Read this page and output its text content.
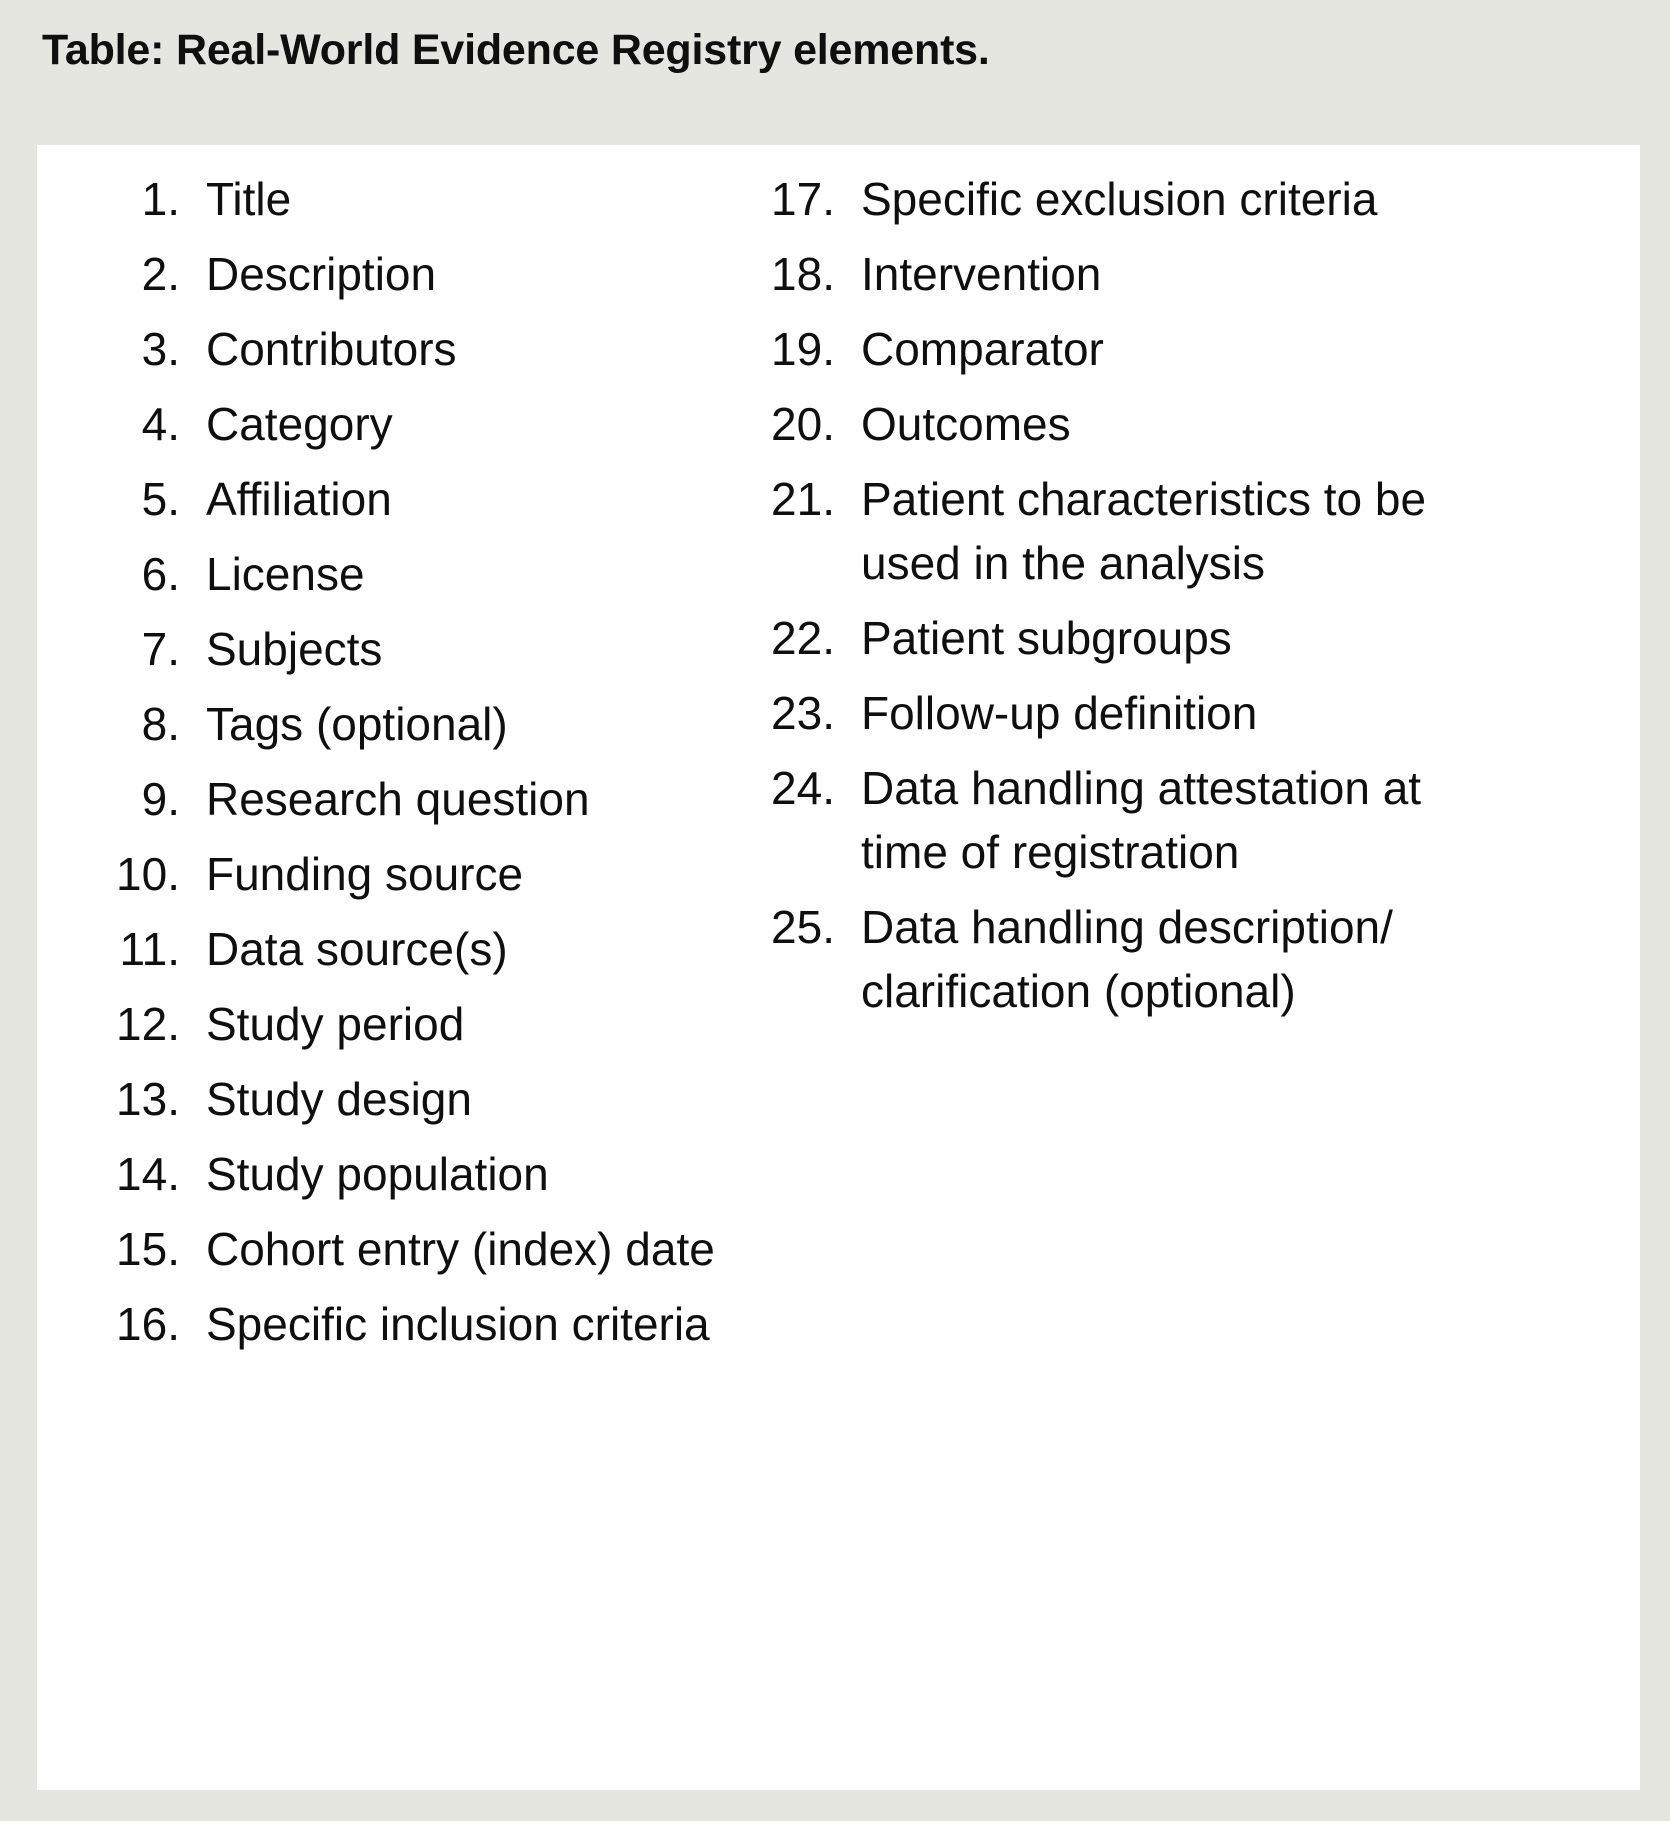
Table: Real-World Evidence Registry elements.
1. Title
2. Description
3. Contributors
4. Category
5. Affiliation
6. License
7. Subjects
8. Tags (optional)
9. Research question
10. Funding source
11. Data source(s)
12. Study period
13. Study design
14. Study population
15. Cohort entry (index) date
16. Specific inclusion criteria
17. Specific exclusion criteria
18. Intervention
19. Comparator
20. Outcomes
21. Patient characteristics to be used in the analysis
22. Patient subgroups
23. Follow-up definition
24. Data handling attestation at time of registration
25. Data handling description/ clarification (optional)
